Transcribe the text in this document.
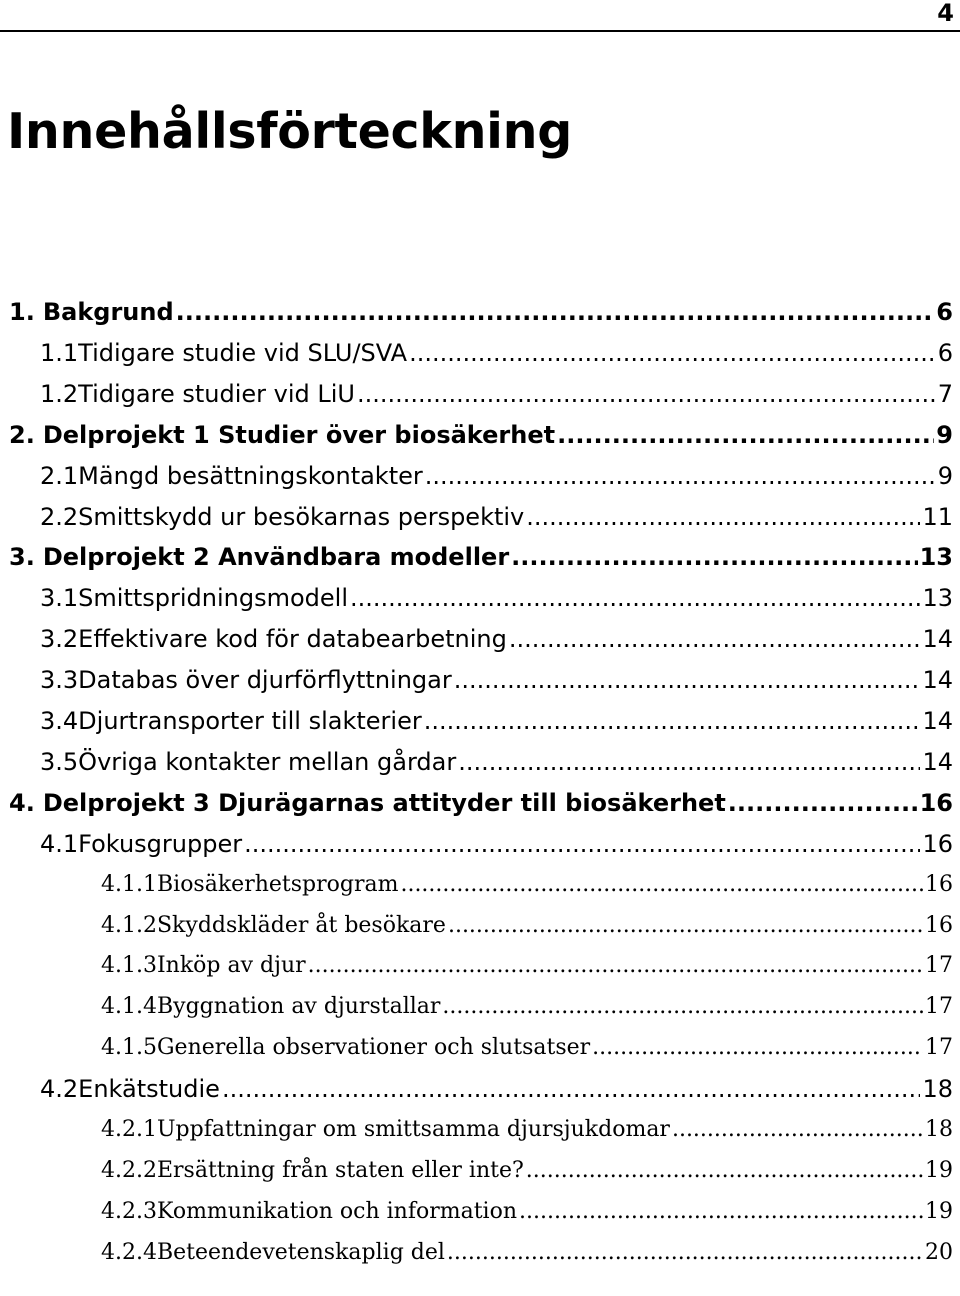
4
Innehållsförteckning
1. Bakgrund .....	6
1.1 Tidigare studie vid SLU/SVA .....	6
1.2 Tidigare studier vid LiU .....	7
2. Delprojekt 1 Studier över biosäkerhet .....	9
2.1 Mängd besättningskontakter .....	9
2.2 Smittskydd ur besökarnas perspektiv .....	11
3. Delprojekt 2 Användbara modeller .....	13
3.1 Smittspridningsmodell .....	13
3.2 Effektivare kod för databearbetning .....	14
3.3 Databas över djurförflyttningar .....	14
3.4 Djurtransporter till slakterier .....	14
3.5 Övriga kontakter mellan gårdar .....	14
4. Delprojekt 3 Djurägarnas attityder till biosäkerhet .....	16
4.1 Fokusgrupper .....	16
4.1.1 Biosäkerhetsprogram .....	16
4.1.2 Skyddskläder åt besökare .....	16
4.1.3 Inköp av djur .....	17
4.1.4 Byggnation av djurstallar .....	17
4.1.5 Generella observationer och slutsatser .....	17
4.2 Enkätstudie .....	18
4.2.1 Uppfattningar om smittsamma djursjukdomar .....	18
4.2.2 Ersättning från staten eller inte? .....	19
4.2.3 Kommunikation och information .....	19
4.2.4 Beteendevetenskaplig del .....	20
